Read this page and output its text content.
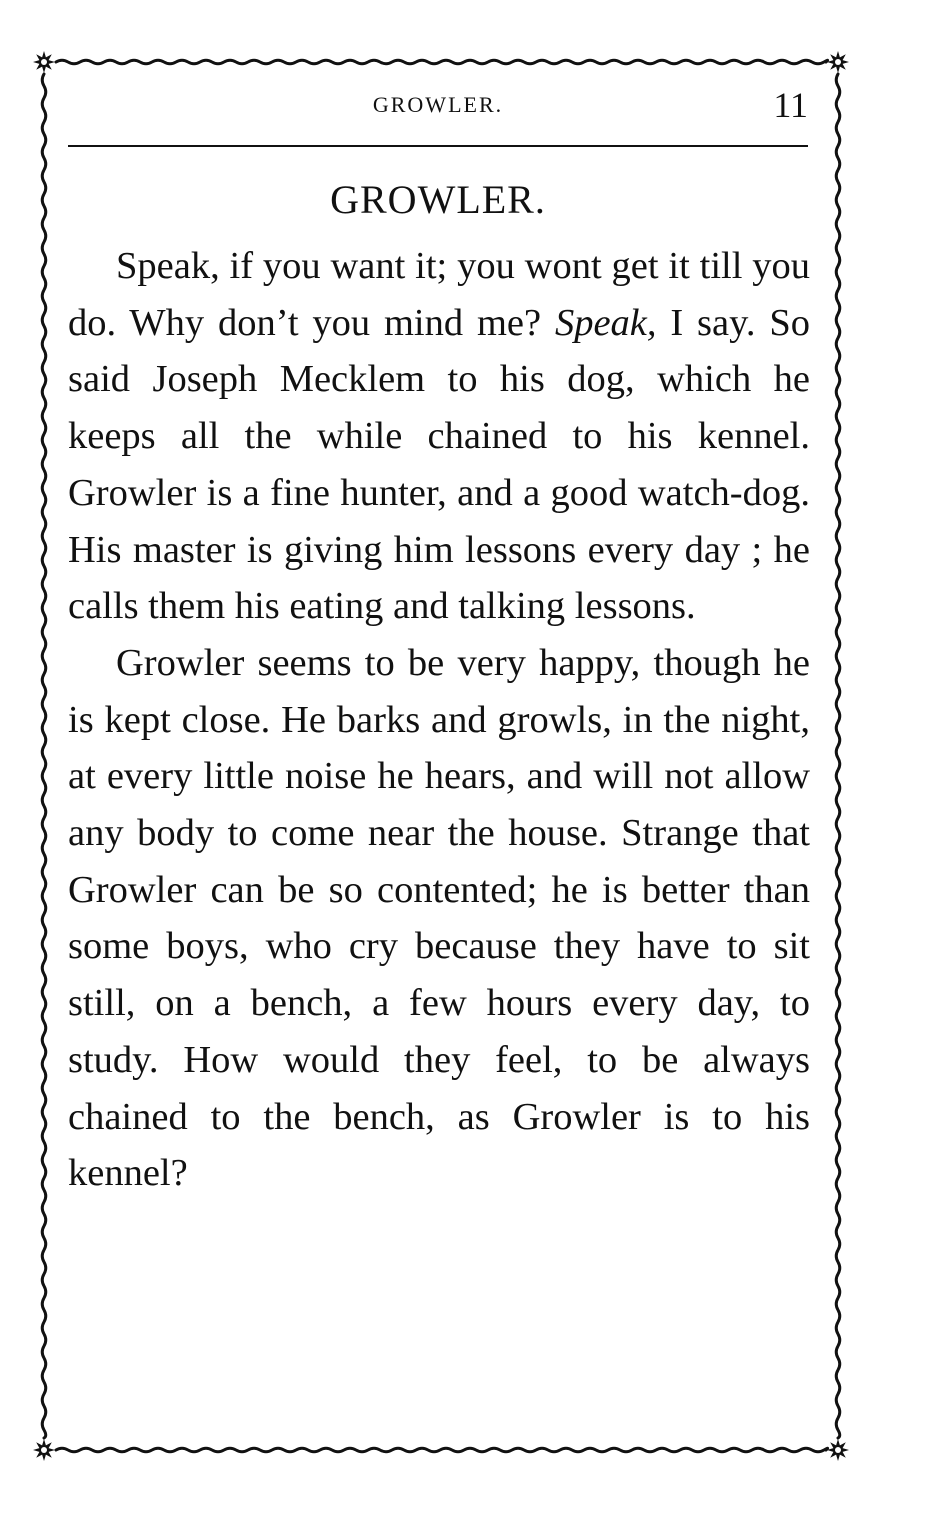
GROWLER.	11
GROWLER.

Speak, if you want it; you wont get it till you do. Why don’t you mind me? Speak, I say. So said Joseph Mecklem to his dog, which he keeps all the while chained to his kennel. Growler is a fine hunter, and a good watch-dog. His master is giving him lessons every day ; he calls them his eating and talking lessons.

Growler seems to be very happy, though he is kept close. He barks and growls, in the night, at every little noise he hears, and will not allow any body to come near the house. Strange that Growler can be so contented; he is better than some boys, who cry because they have to sit still, on a bench, a few hours every day, to study. How would they feel, to be always chained to the bench, as Growler is to his kennel?
